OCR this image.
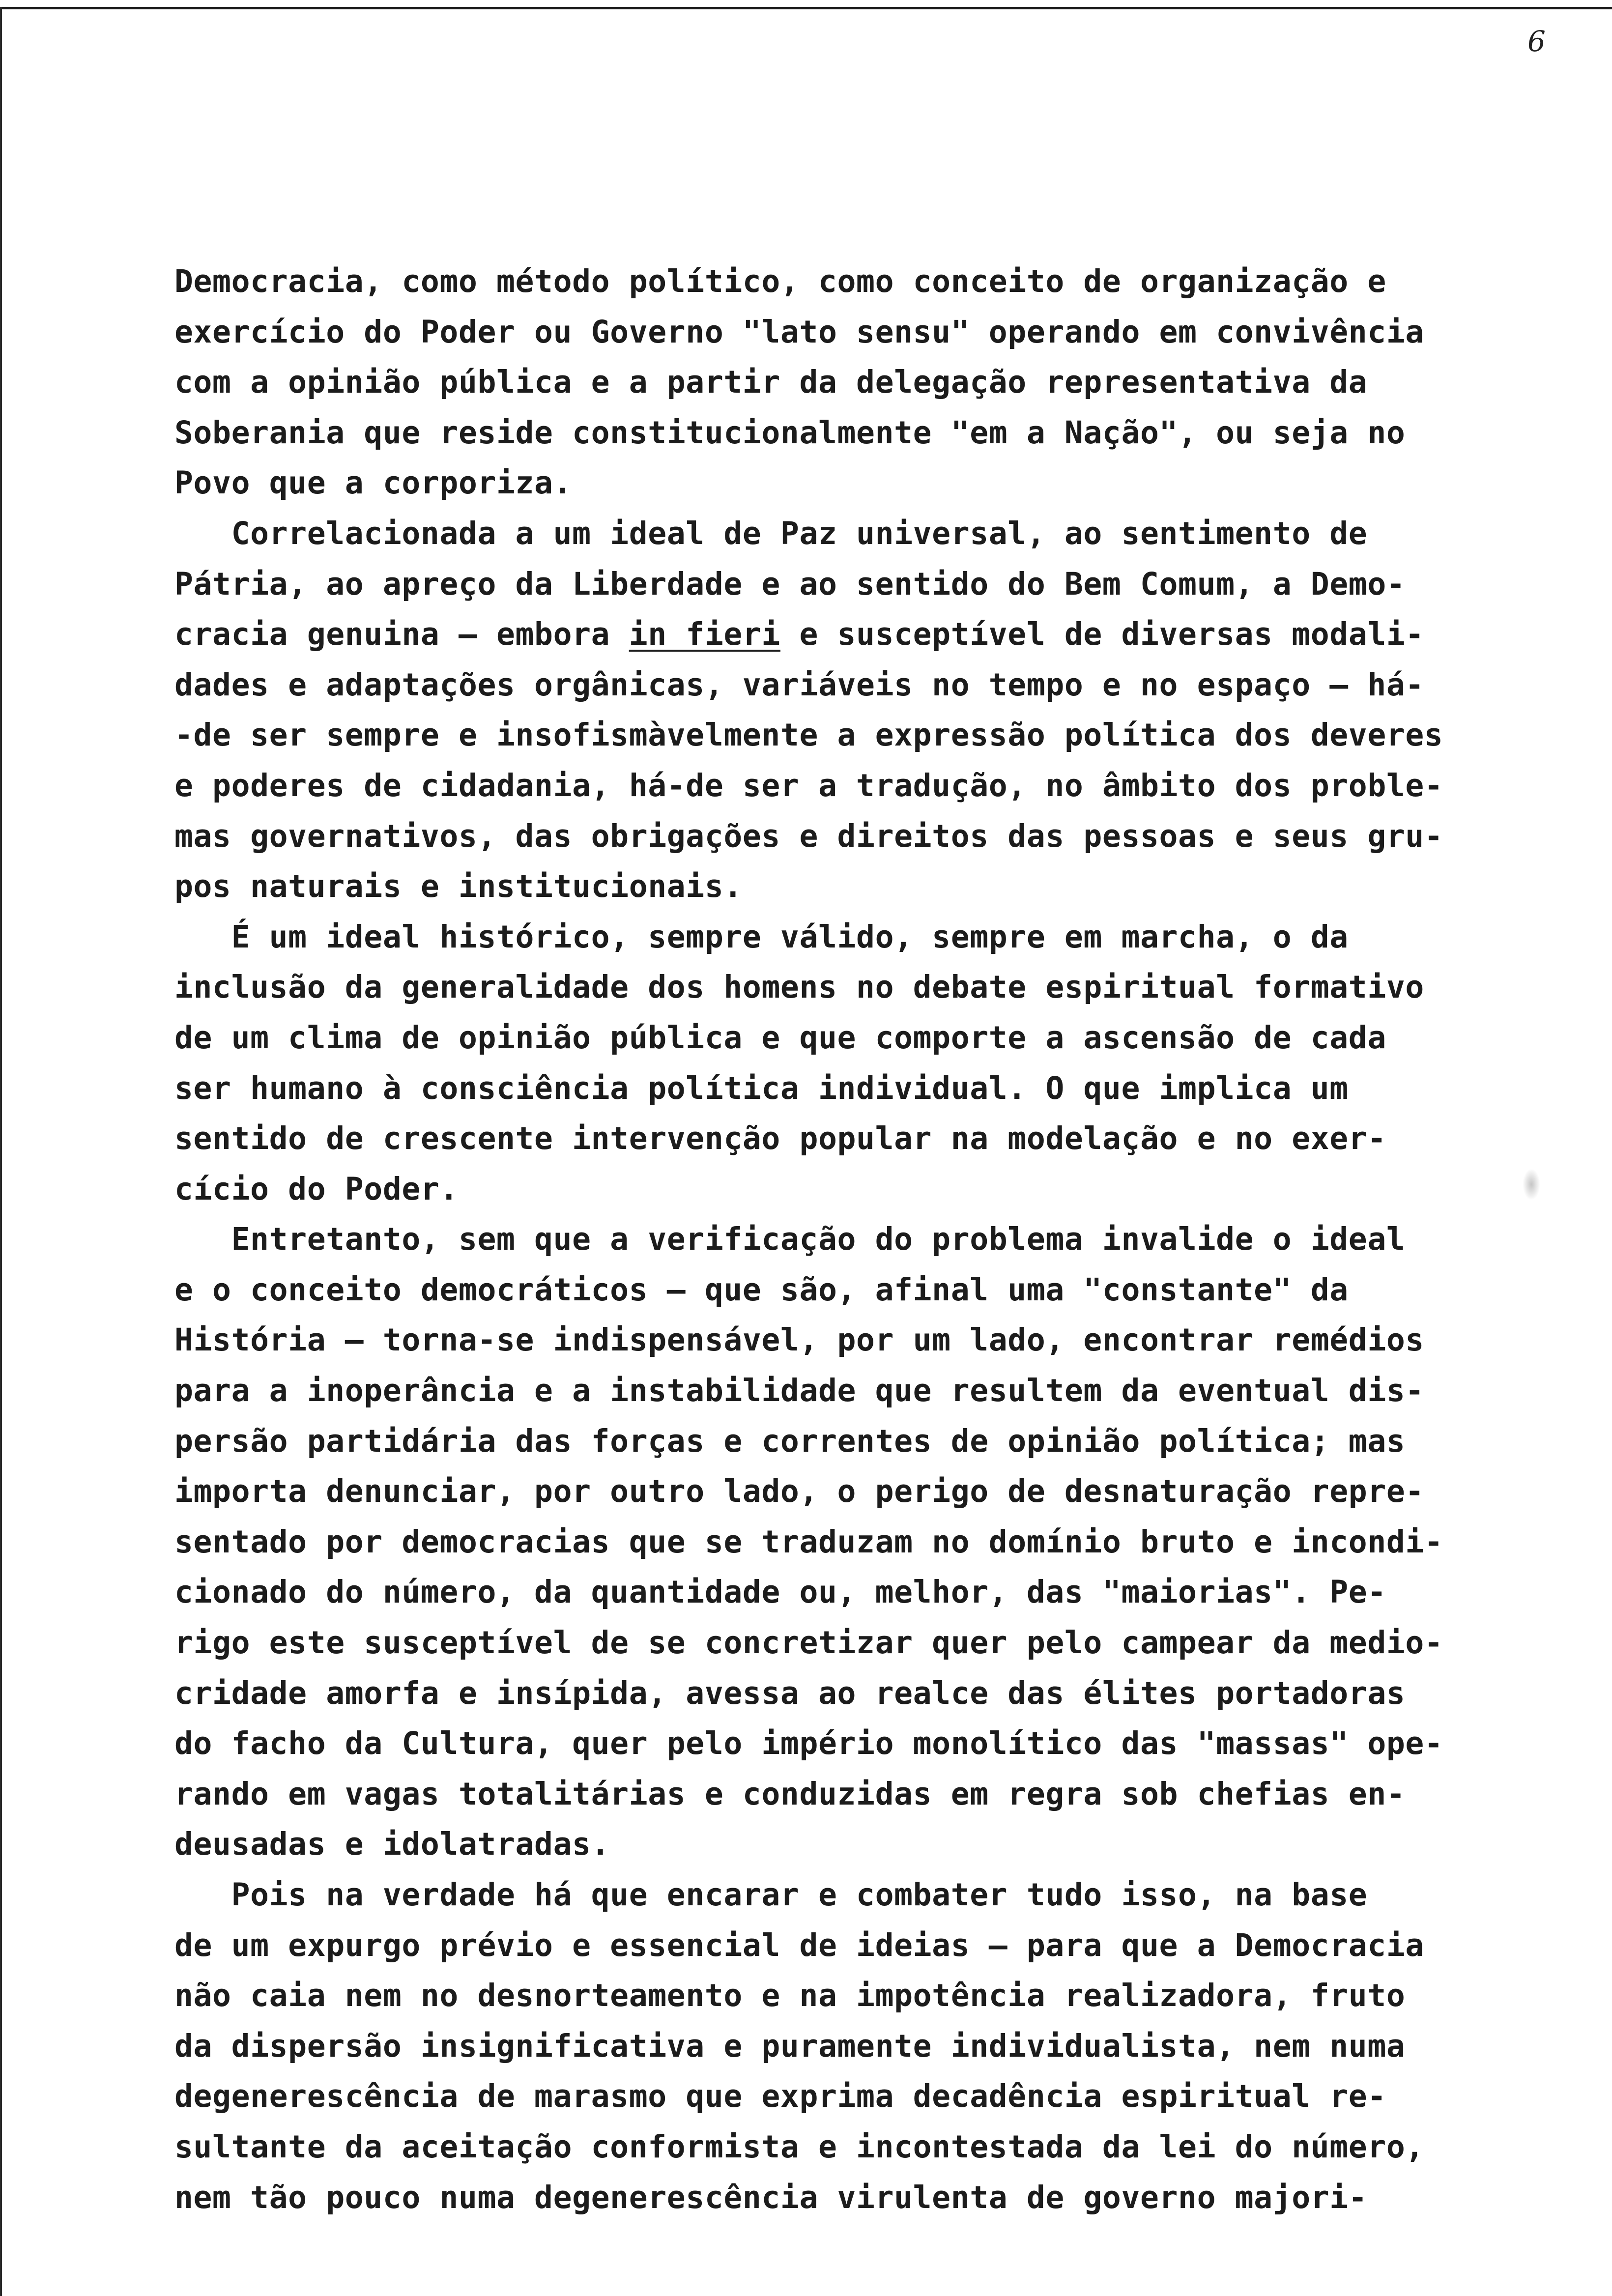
6
Democracia, como método político, como conceito de organização e
exercício do Poder ou Governo "lato sensu" operando em convivência
com a opinião pública e a partir da delegação representativa da
Soberania que reside constitucionalmente "em a Nação", ou seja no
Povo que a corporiza.
Correlacionada a um ideal de Paz universal, ao sentimento de
Pátria, ao apreço da Liberdade e ao sentido do Bem Comum, a Demo-
cracia genuina — embora in fieri e susceptível de diversas modali-
dades e adaptações orgânicas, variáveis no tempo e no espaço — há-
-de ser sempre e insofismàvelmente a expressão política dos deveres
e poderes de cidadania, há-de ser a tradução, no âmbito dos proble-
mas governativos, das obrigações e direitos das pessoas e seus gru-
pos naturais e institucionais.
É um ideal histórico, sempre válido, sempre em marcha, o da
inclusão da generalidade dos homens no debate espiritual formativo
de um clima de opinião pública e que comporte a ascensão de cada
ser humano à consciência política individual. O que implica um
sentido de crescente intervenção popular na modelação e no exer-
cício do Poder.
Entretanto, sem que a verificação do problema invalide o ideal
e o conceito democráticos — que são, afinal uma "constante" da
História — torna-se indispensável, por um lado, encontrar remédios
para a inoperância e a instabilidade que resultem da eventual dis-
persão partidária das forças e correntes de opinião política; mas
importa denunciar, por outro lado, o perigo de desnaturação repre-
sentado por democracias que se traduzam no domínio bruto e incondi-
cionado do número, da quantidade ou, melhor, das "maiorias". Pe-
rigo este susceptível de se concretizar quer pelo campear da medio-
cridade amorfa e insípida, avessa ao realce das élites portadoras
do facho da Cultura, quer pelo império monolítico das "massas" ope-
rando em vagas totalitárias e conduzidas em regra sob chefias en-
deusadas e idolatradas.
Pois na verdade há que encarar e combater tudo isso, na base
de um expurgo prévio e essencial de ideias — para que a Democracia
não caia nem no desnorteamento e na impotência realizadora, fruto
da dispersão insignificativa e puramente individualista, nem numa
degenerescência de marasmo que exprima decadência espiritual re-
sultante da aceitação conformista e incontestada da lei do número,
nem tão pouco numa degenerescência virulenta de governo majori-
